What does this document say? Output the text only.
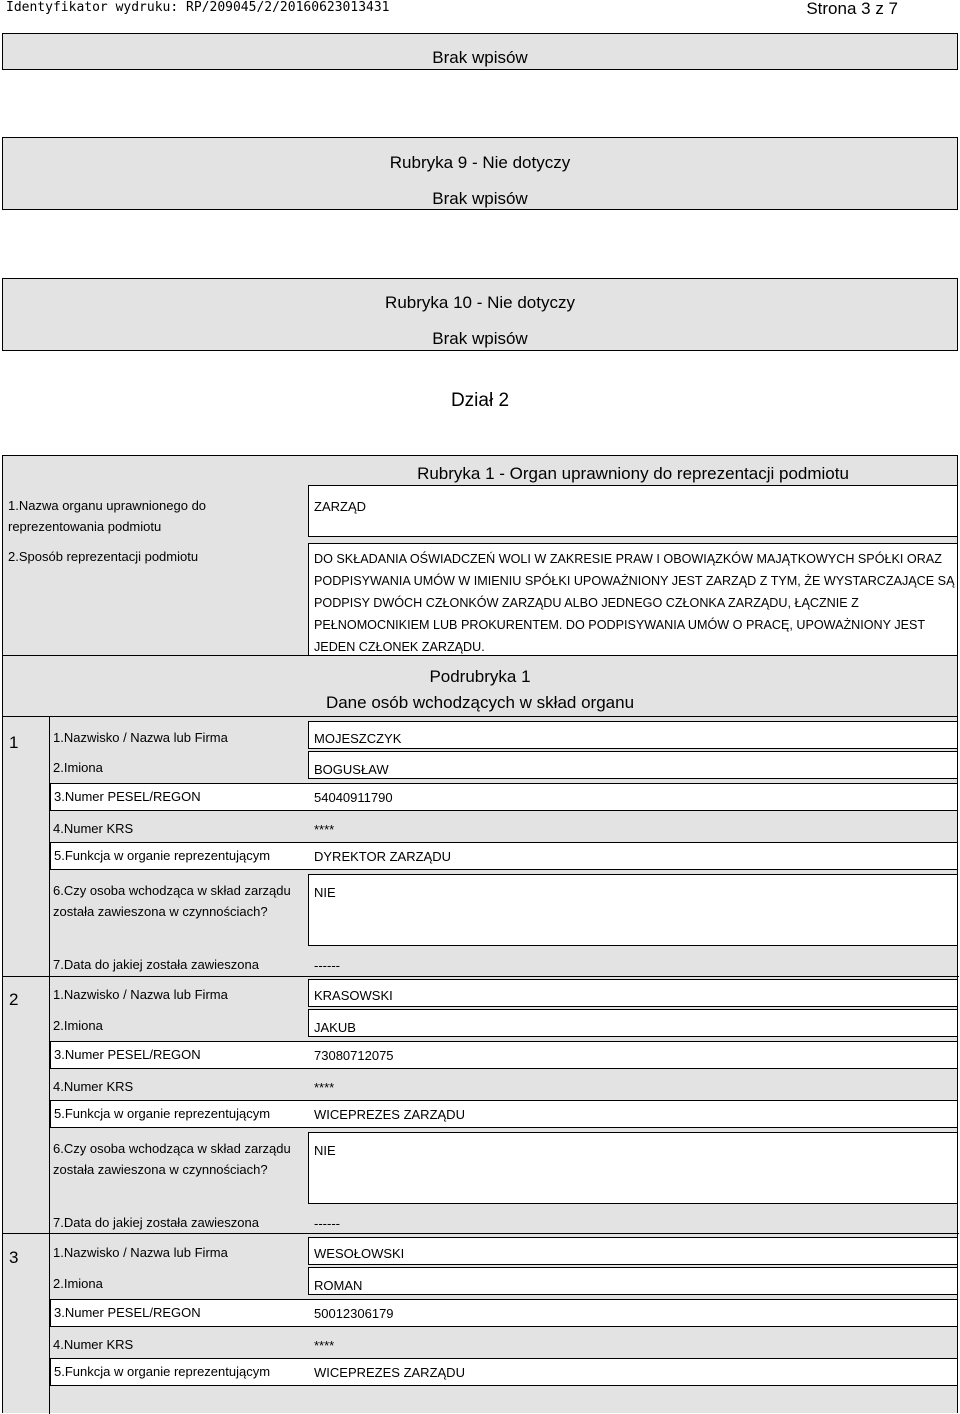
Identyfikator wydruku: RP/209045/2/20160623013431	Strona 3 z 7
Brak wpisów
Rubryka 9 - Nie dotyczy
Brak wpisów
Rubryka 10 - Nie dotyczy
Brak wpisów
Dział 2
Rubryka 1 - Organ uprawniony do reprezentacji podmiotu
1.Nazwa organu uprawnionego do reprezentowania podmiotu
ZARZĄD
2.Sposób reprezentacji podmiotu	DO SKŁADANIA OŚWIADCZEŃ WOLI W ZAKRESIE PRAW I OBOWIĄZKÓW MAJĄTKOWYCH SPÓŁKI ORAZ PODPISYWANIA UMÓW W IMIENIU SPÓŁKI UPOWAŻNIONY JEST ZARZĄD Z TYM, ŻE WYSTARCZAJĄCE SĄ PODPISY DWÓCH CZŁONKÓW ZARZĄDU ALBO JEDNEGO CZŁONKA ZARZĄDU, ŁĄCZNIE Z PEŁNOMOCNIKIEM LUB PROKURENTEM. DO PODPISYWANIA UMÓW O PRACĘ, UPOWAŻNIONY JEST JEDEN CZŁONEK ZARZĄDU.
Podrubryka 1
Dane osób wchodzących w skład organu
1	1.Nazwisko / Nazwa lub Firma	MOJESZCZYK
2.Imiona	BOGUSŁAW
3.Numer PESEL/REGON	54040911790
4.Numer KRS	****
5.Funkcja w organie reprezentującym	DYREKTOR ZARZĄDU
6.Czy osoba wchodząca w skład zarządu została zawieszona w czynnościach?
NIE
7.Data do jakiej została zawieszona	------
2	1.Nazwisko / Nazwa lub Firma	KRASOWSKI
2.Imiona	JAKUB
3.Numer PESEL/REGON	73080712075
4.Numer KRS	****
5.Funkcja w organie reprezentującym	WICEPREZES ZARZĄDU
6.Czy osoba wchodząca w skład zarządu została zawieszona w czynnościach?
NIE
7.Data do jakiej została zawieszona	------
3	1.Nazwisko / Nazwa lub Firma	WESOŁOWSKI
2.Imiona	ROMAN
3.Numer PESEL/REGON	50012306179
4.Numer KRS	****
5.Funkcja w organie reprezentującym	WICEPREZES ZARZĄDU
